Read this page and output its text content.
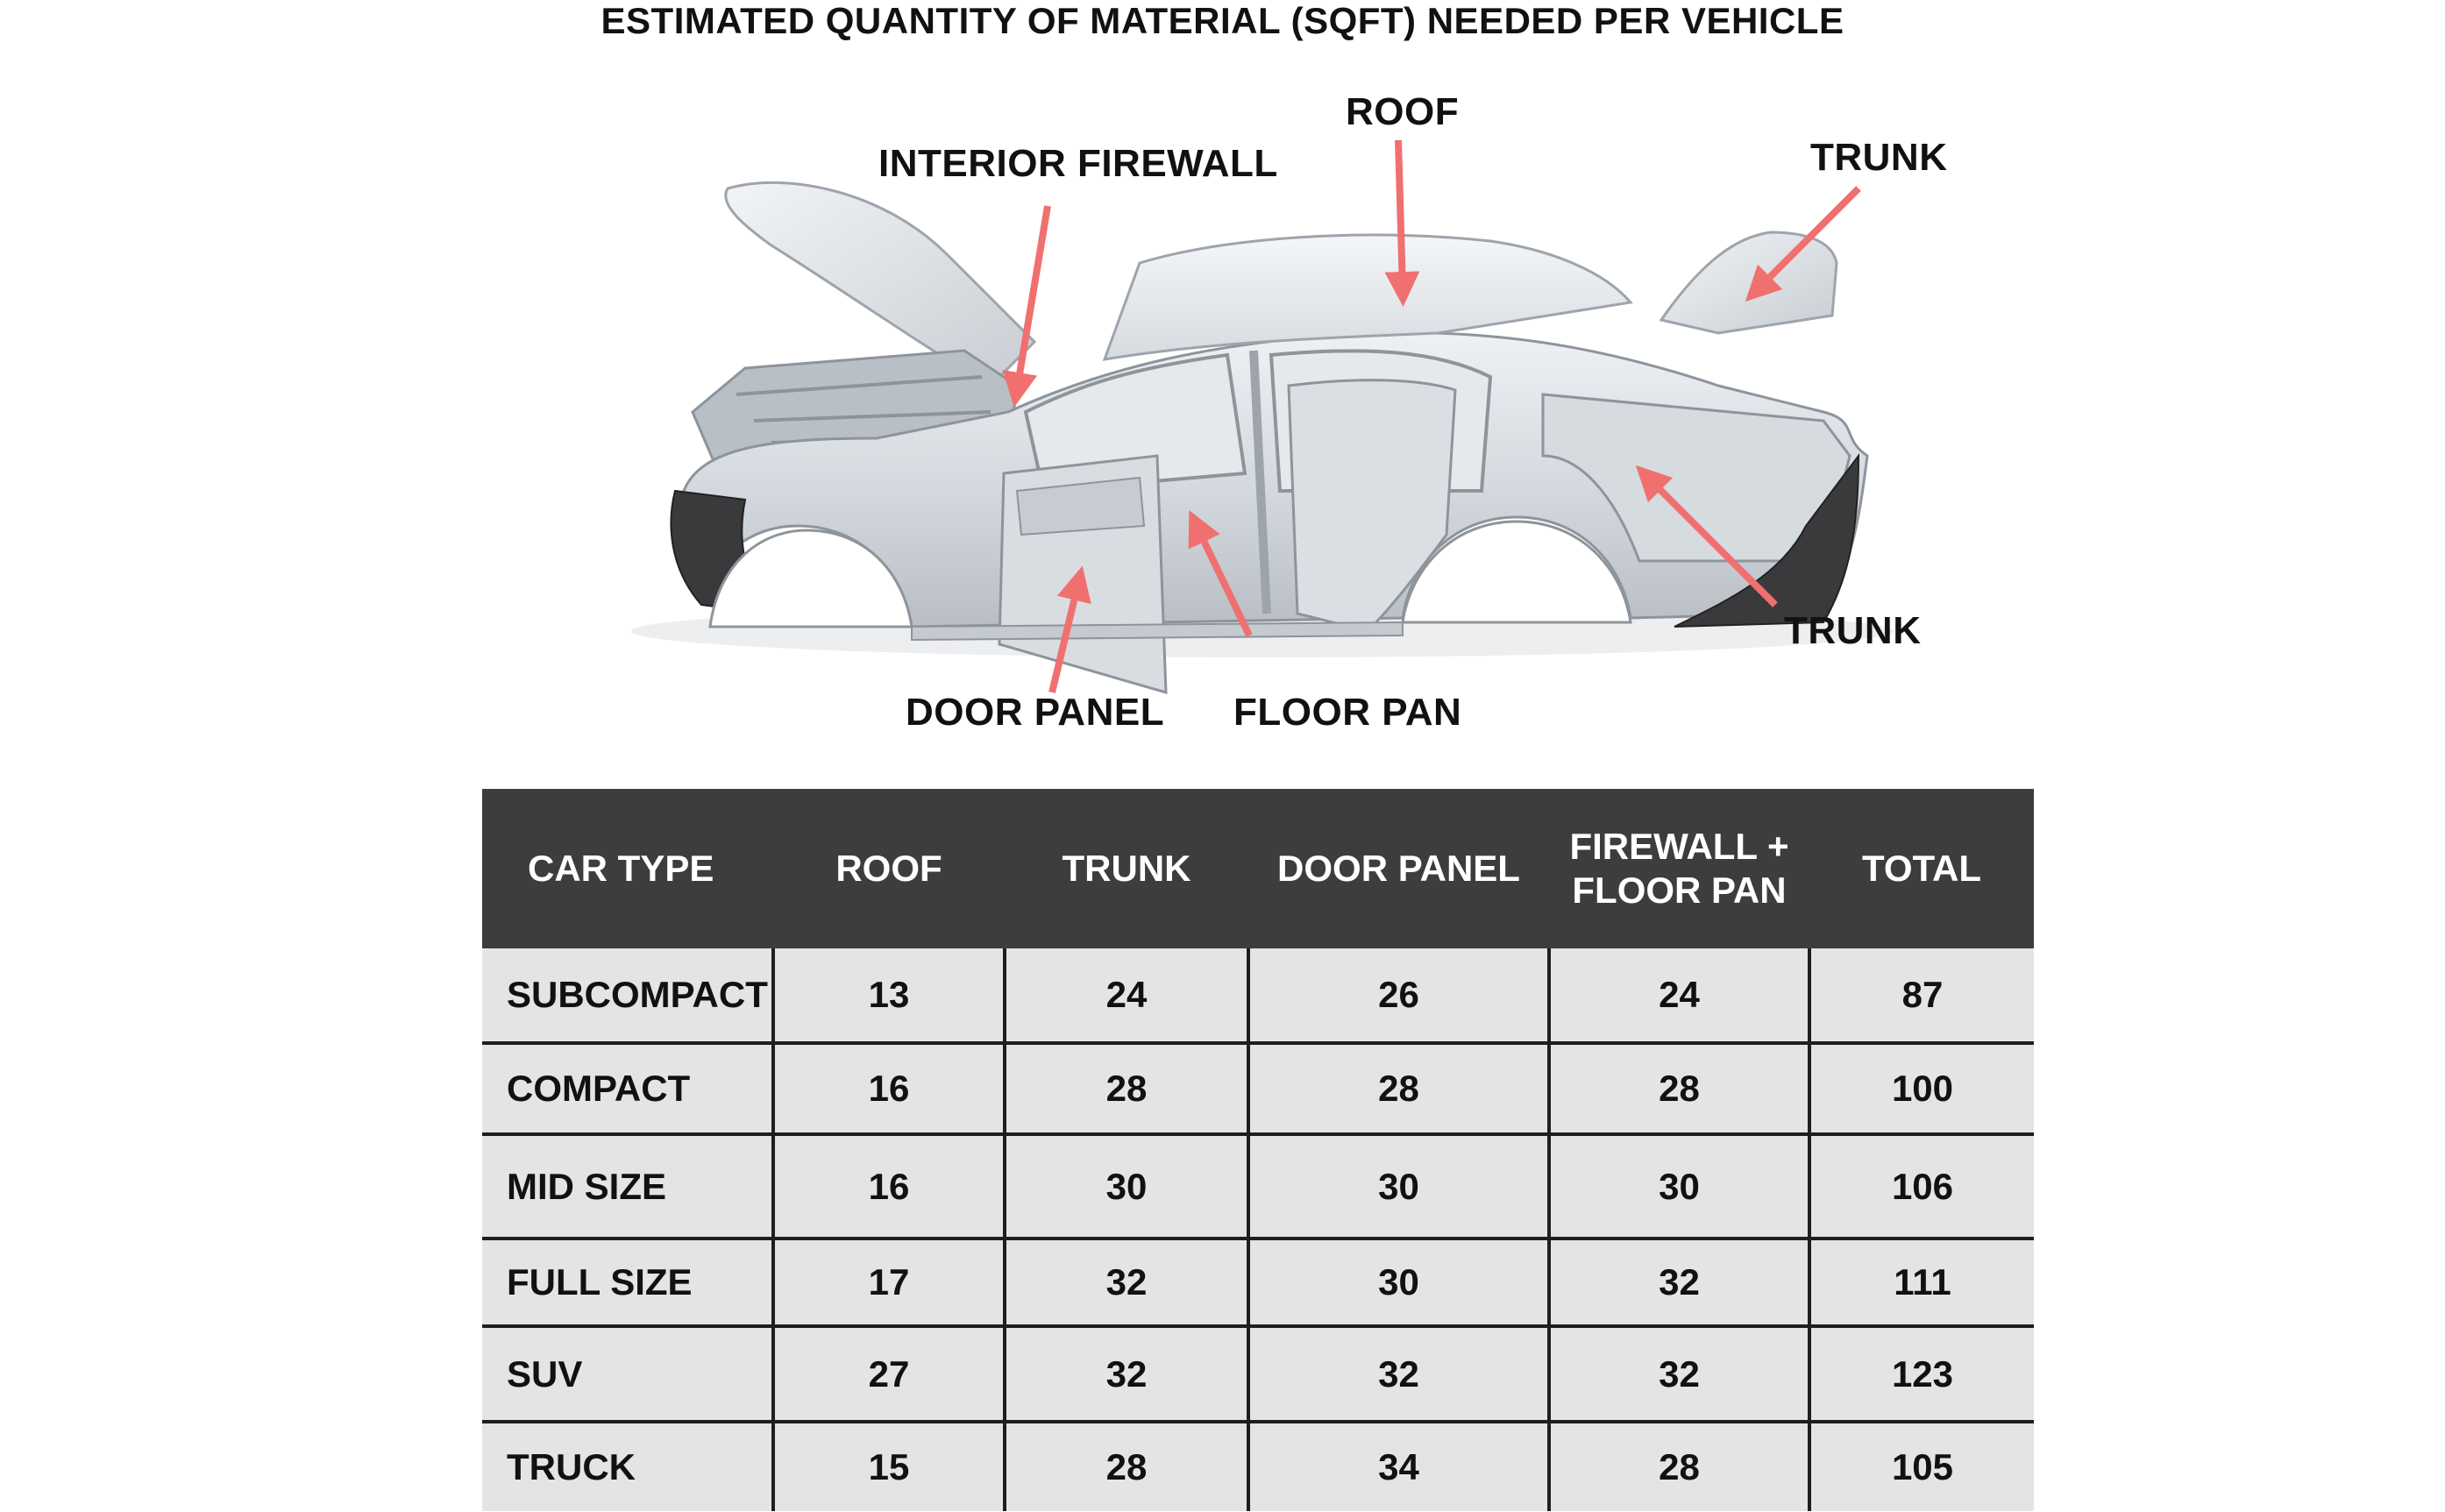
ESTIMATED QUANTITY OF MATERIAL (SQFT) NEEDED PER VEHICLE
ROOF
INTERIOR FIREWALL	TRUNK
TRUNK
DOOR PANEL FLOOR PAN
CAR TYPE	ROOF	TRUNK	DOOR PANEL	FIREWALL +
FLOOR PAN	TOTAL
SUBCOMPACT	13	24	26	24	87
COMPACT	16	28	28	28	100
MID SIZE	16	30	30	30	106
FULL SIZE	17	32	30	32	111
SUV	27	32	32	32	123
TRUCK	15	28	34	28	105
